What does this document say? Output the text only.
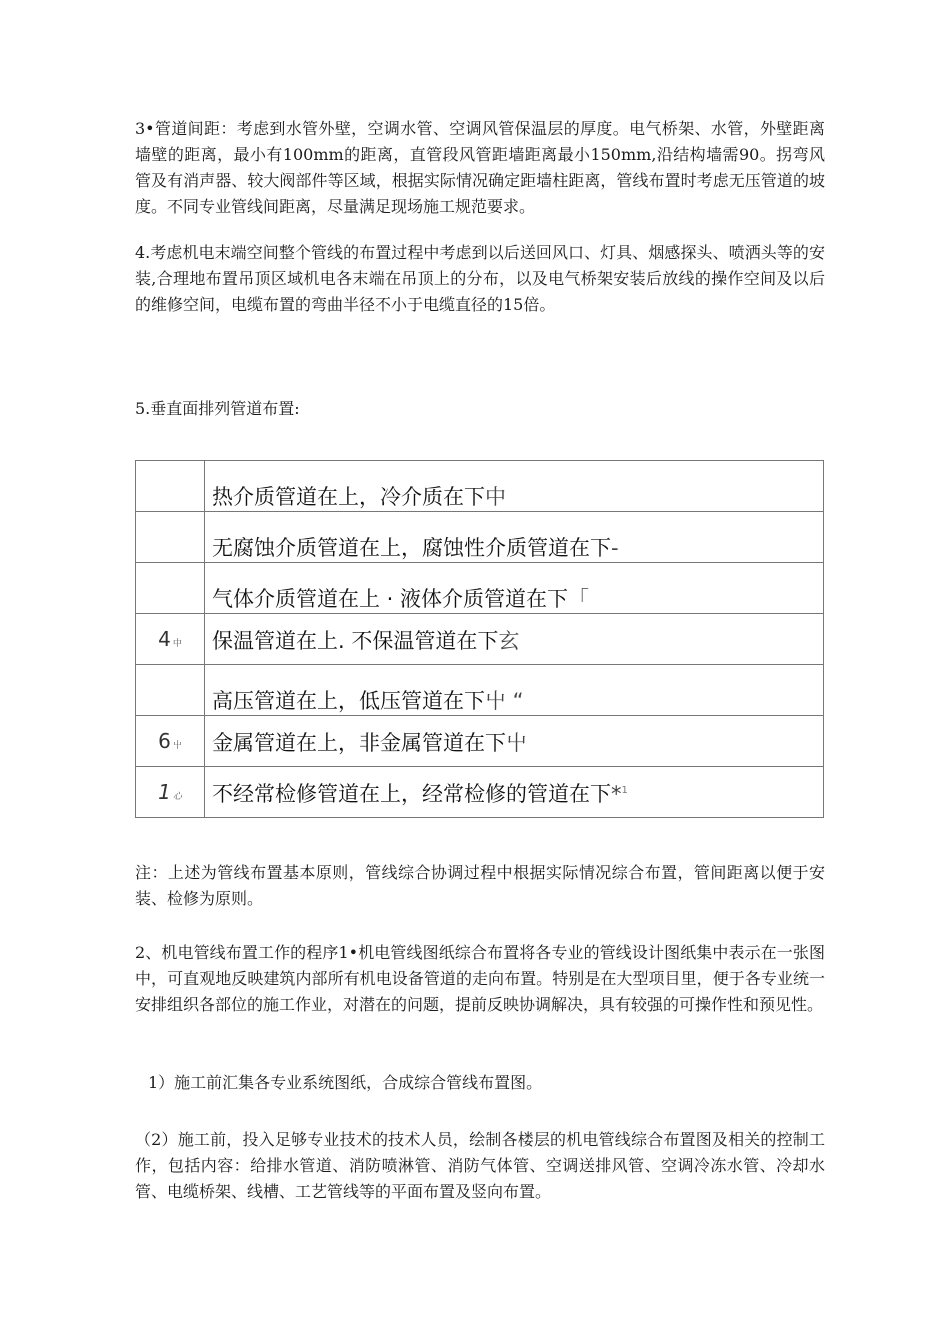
3•管道间距：考虑到水管外壁，空调水管、空调风管保温层的厚度。电气桥架、水管，外壁距离墙壁的距离，最小有100mm的距离，直管段风管距墙距离最小150mm,沿结构墙需90。拐弯风管及有消声器、较大阀部件等区域，根据实际情况确定距墙柱距离，管线布置时考虑无压管道的坡度。不同专业管线间距离，尽量满足现场施工规范要求。

4.考虑机电末端空间整个管线的布置过程中考虑到以后送回风口、灯具、烟感探头、喷洒头等的安装,合理地布置吊顶区域机电各末端在吊顶上的分布，以及电气桥架安装后放线的操作空间及以后的维修空间，电缆布置的弯曲半径不小于电缆直径的15倍。

5.垂直面排列管道布置:

	热介质管道在上，冷介质在下中
	无腐蚀介质管道在上，腐蚀性介质管道在下-
	气体介质管道在上 · 液体介质管道在下「
4 中	保温管道在上. 不保温管道在下玄
	高压管道在上，低压管道在下屮 “
6 屮	金属管道在上，非金属管道在下屮
1 心	不经常检修管道在上，经常检修的管道在下*$^1$

注：上述为管线布置基本原则，管线综合协调过程中根据实际情况综合布置，管间距离以便于安装、检修为原则。

2、机电管线布置工作的程序1•机电管线图纸综合布置将各专业的管线设计图纸集中表示在一张图中，可直观地反映建筑内部所有机电设备管道的走向布置。特别是在大型项目里，便于各专业统一安排组织各部位的施工作业，对潜在的问题，提前反映协调解决，具有较强的可操作性和预见性。

1）施工前汇集各专业系统图纸，合成综合管线布置图。

（2）施工前，投入足够专业技术的技术人员，绘制各楼层的机电管线综合布置图及相关的控制工作，包括内容：给排水管道、消防喷淋管、消防气体管、空调送排风管、空调冷冻水管、冷却水管、电缆桥架、线槽、工艺管线等的平面布置及竖向布置。
